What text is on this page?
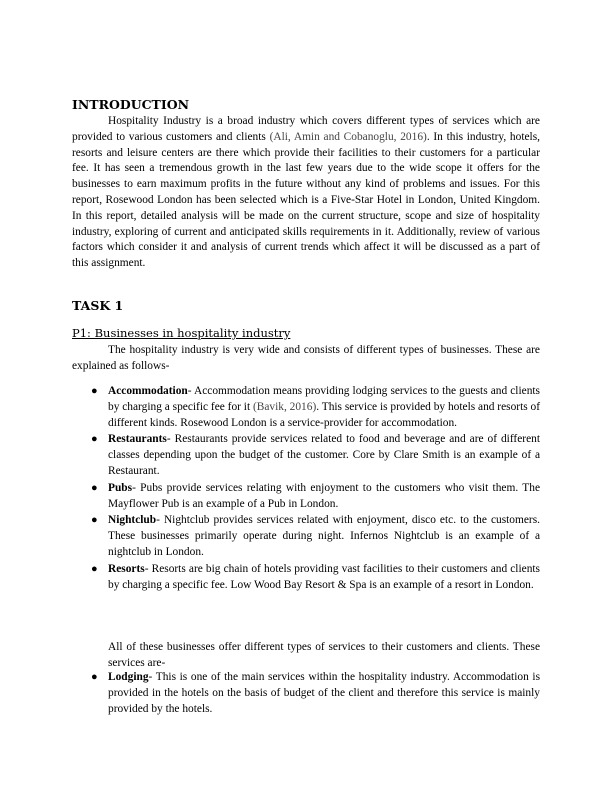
INTRODUCTION

Hospitality Industry is a broad industry which covers different types of services which are provided to various customers and clients (Ali, Amin and Cobanoglu, 2016). In this industry, hotels, resorts and leisure centers are there which provide their facilities to their customers for a particular fee. It has seen a tremendous growth in the last few years due to the wide scope it offers for the businesses to earn maximum profits in the future without any kind of problems and issues. For this report, Rosewood London has been selected which is a Five-Star Hotel in London, United Kingdom. In this report, detailed analysis will be made on the current structure, scope and size of hospitality industry, exploring of current and anticipated skills requirements in it. Additionally, review of various factors which consider it and analysis of current trends which affect it will be discussed as a part of this assignment.

TASK 1
P1: Businesses in hospitality industry

The hospitality industry is very wide and consists of different types of businesses. These are explained as follows-

● Accommodation- Accommodation means providing lodging services to the guests and clients by charging a specific fee for it (Bavik, 2016). This service is provided by hotels and resorts of different kinds. Rosewood London is a service-provider for accommodation.
● Restaurants- Restaurants provide services related to food and beverage and are of different classes depending upon the budget of the customer. Core by Clare Smith is an example of a Restaurant.
● Pubs- Pubs provide services relating with enjoyment to the customers who visit them. The Mayflower Pub is an example of a Pub in London.
● Nightclub- Nightclub provides services related with enjoyment, disco etc. to the customers. These businesses primarily operate during night. Infernos Nightclub is an example of a nightclub in London.
● Resorts- Resorts are big chain of hotels providing vast facilities to their customers and clients by charging a specific fee. Low Wood Bay Resort & Spa is an example of a resort in London.

All of these businesses offer different types of services to their customers and clients. These services are-

● Lodging- This is one of the main services within the hospitality industry. Accommodation is provided in the hotels on the basis of budget of the client and therefore this service is mainly provided by the hotels.
